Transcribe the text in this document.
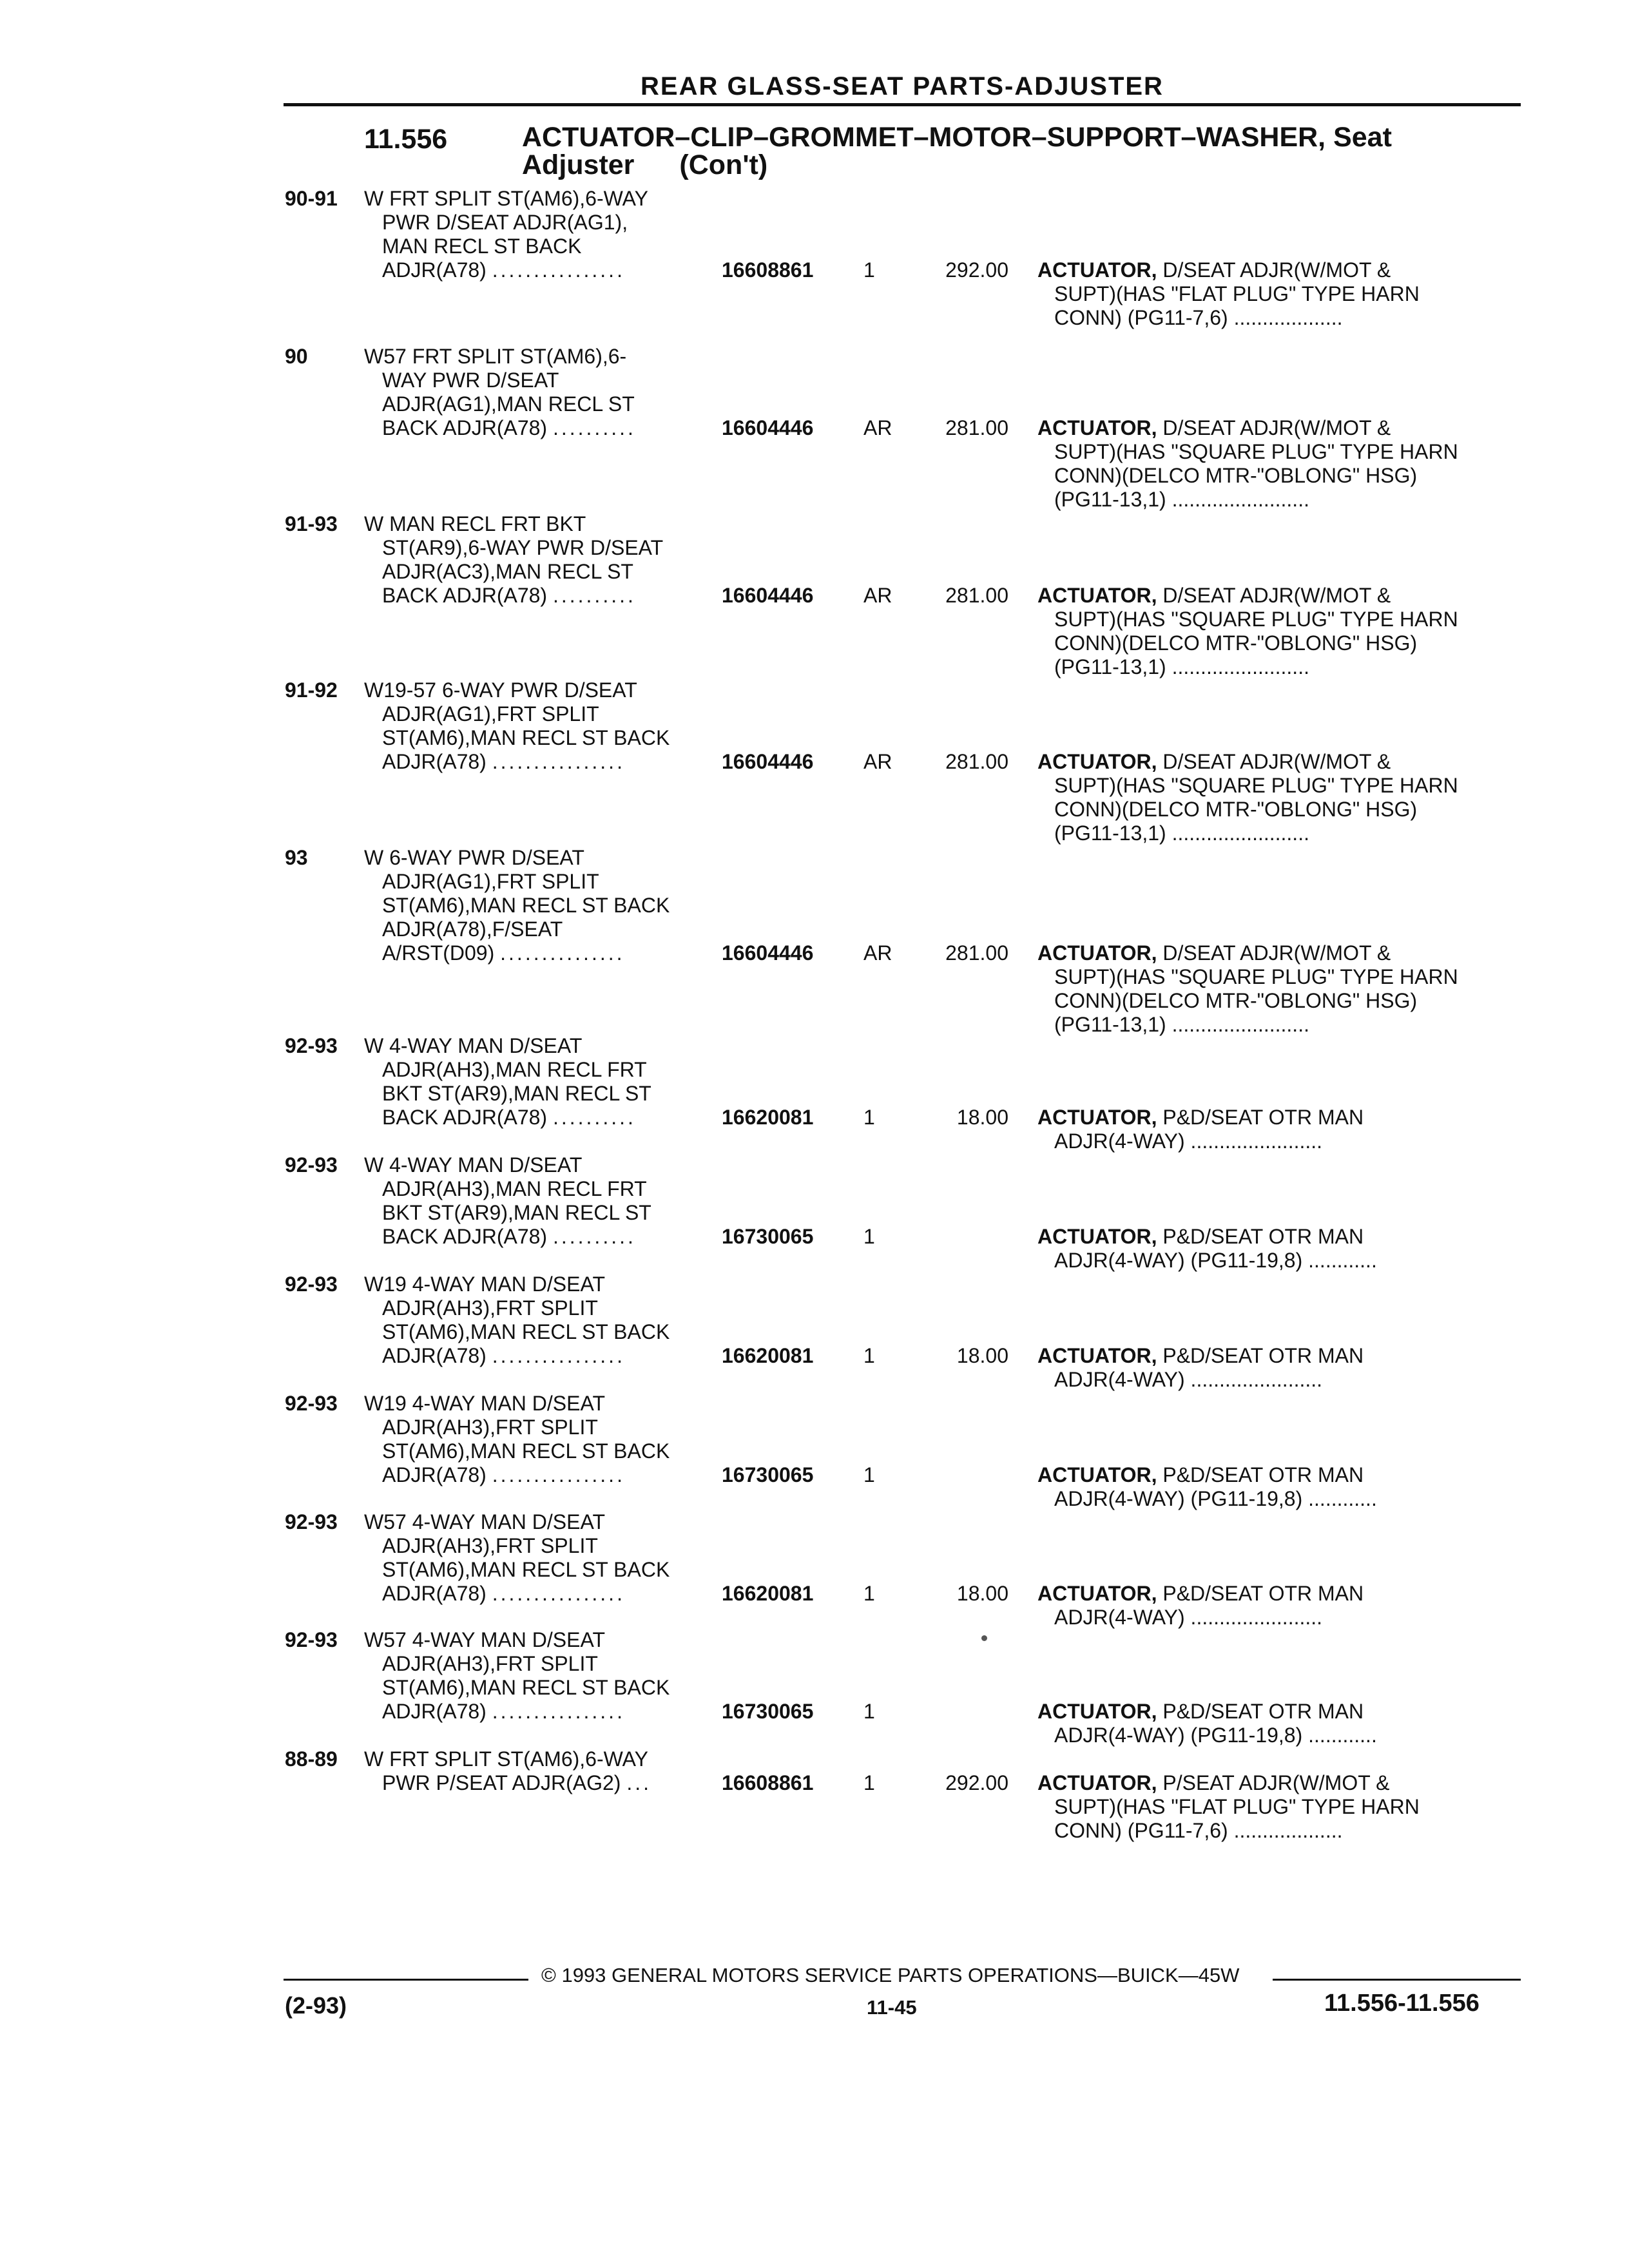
REAR GLASS-SEAT PARTS-ADJUSTER
11.556	ACTUATOR–CLIP–GROMMET–MOTOR–SUPPORT–WASHER, Seat
Adjuster (Con't)
90-91 W FRT SPLIT ST(AM6),6-WAY
PWR D/SEAT ADJR(AG1),
MAN RECL ST BACK
ADJR(A78) ................	16608861 1	292.00 ACTUATOR, D/SEAT ADJR(W/MOT &
SUPT)(HAS "FLAT PLUG" TYPE HARN
CONN) (PG11-7,6) ...................
90	W57 FRT SPLIT ST(AM6),6-
WAY PWR D/SEAT
ADJR(AG1),MAN RECL ST
BACK ADJR(A78) ..........	16604446 AR	281.00 ACTUATOR, D/SEAT ADJR(W/MOT &
SUPT)(HAS "SQUARE PLUG" TYPE HARN
CONN)(DELCO MTR-"OBLONG" HSG)
(PG11-13,1) ........................
91-93 W MAN RECL FRT BKT
ST(AR9),6-WAY PWR D/SEAT
ADJR(AC3),MAN RECL ST
BACK ADJR(A78) ..........	16604446 AR	281.00 ACTUATOR, D/SEAT ADJR(W/MOT &
SUPT)(HAS "SQUARE PLUG" TYPE HARN
CONN)(DELCO MTR-"OBLONG" HSG)
(PG11-13,1) ........................
91-92 W19-57 6-WAY PWR D/SEAT
ADJR(AG1),FRT SPLIT
ST(AM6),MAN RECL ST BACK
ADJR(A78) ................	16604446 AR	281.00 ACTUATOR, D/SEAT ADJR(W/MOT &
SUPT)(HAS "SQUARE PLUG" TYPE HARN
CONN)(DELCO MTR-"OBLONG" HSG)
(PG11-13,1) ........................
93	W 6-WAY PWR D/SEAT
ADJR(AG1),FRT SPLIT
ST(AM6),MAN RECL ST BACK
ADJR(A78),F/SEAT
A/RST(D09) ...............	16604446 AR	281.00 ACTUATOR, D/SEAT ADJR(W/MOT &
SUPT)(HAS "SQUARE PLUG" TYPE HARN
CONN)(DELCO MTR-"OBLONG" HSG)
(PG11-13,1) ........................
92-93 W 4-WAY MAN D/SEAT
ADJR(AH3),MAN RECL FRT
BKT ST(AR9),MAN RECL ST
BACK ADJR(A78) ..........	16620081 1	18.00 ACTUATOR, P&D/SEAT OTR MAN
ADJR(4-WAY) .......................
92-93 W 4-WAY MAN D/SEAT
ADJR(AH3),MAN RECL FRT
BKT ST(AR9),MAN RECL ST
BACK ADJR(A78) ..........	16730065 1	ACTUATOR, P&D/SEAT OTR MAN
ADJR(4-WAY) (PG11-19,8) ............
92-93 W19 4-WAY MAN D/SEAT
ADJR(AH3),FRT SPLIT
ST(AM6),MAN RECL ST BACK
ADJR(A78) ................	16620081 1	18.00 ACTUATOR, P&D/SEAT OTR MAN
ADJR(4-WAY) .......................
92-93 W19 4-WAY MAN D/SEAT
ADJR(AH3),FRT SPLIT
ST(AM6),MAN RECL ST BACK
ADJR(A78) ................	16730065 1	ACTUATOR, P&D/SEAT OTR MAN
ADJR(4-WAY) (PG11-19,8) ............
92-93 W57 4-WAY MAN D/SEAT
ADJR(AH3),FRT SPLIT
ST(AM6),MAN RECL ST BACK
ADJR(A78) ................	16620081 1	18.00 ACTUATOR, P&D/SEAT OTR MAN
ADJR(4-WAY) .......................
92-93 W57 4-WAY MAN D/SEAT
ADJR(AH3),FRT SPLIT
ST(AM6),MAN RECL ST BACK
ADJR(A78) ................	16730065 1	ACTUATOR, P&D/SEAT OTR MAN
ADJR(4-WAY) (PG11-19,8) ............
88-89 W FRT SPLIT ST(AM6),6-WAY
PWR P/SEAT ADJR(AG2) ...	16608861 1	292.00 ACTUATOR, P/SEAT ADJR(W/MOT &
SUPT)(HAS "FLAT PLUG" TYPE HARN
CONN) (PG11-7,6) ...................
© 1993 GENERAL MOTORS SERVICE PARTS OPERATIONS—BUICK—45W
(2-93)	11-45	11.556-11.556
